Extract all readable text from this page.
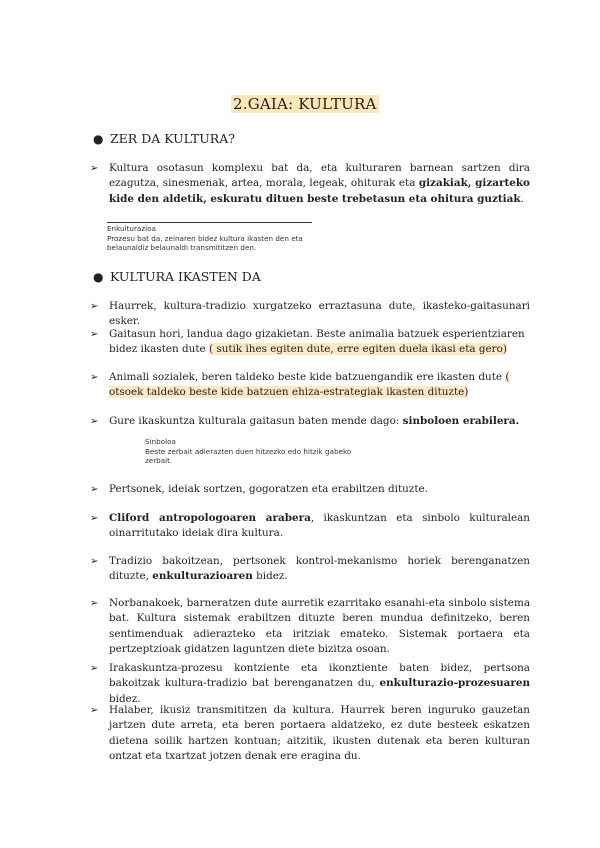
2.GAIA: KULTURA
● ZER DA KULTURA?
➢ Kultura osotasun komplexu bat da, eta kulturaren barnean sartzen dira ezagutza, sinesmenak, artea, morala, legeak, ohiturak eta gizakiak, gizarteko kide den aldetik, eskuratu dituen beste trebetasun eta ohitura guztiak.
Enkulturazioa
Prozesu bat da, zeinaren bidez kultura ikasten den eta
belaunaldiz belaunaldi transmititzen den.
● KULTURA IKASTEN DA
➢ Haurrek, kultura-tradizio xurgatzeko erraztasuna dute, ikasteko-gaitasunari esker.
➢ Gaitasun hori, landua dago gizakietan. Beste animalia batzuek esperientziaren bidez ikasten dute ( sutik ihes egiten dute, erre egiten duela ikasi eta gero)
➢ Animali sozialek, beren taldeko beste kide batzuengandik ere ikasten dute ( otsoek taldeko beste kide batzuen ehiza-estrategiak ikasten dituzte)
➢ Gure ikaskuntza kulturala gaitasun baten mende dago: sinboloen erabilera.
Sinboloa
Beste zerbait adierazten duen hitzezko edo hitzik gabeko
zerbait.
➢ Pertsonek, ideiak sortzen, gogoratzen eta erabiltzen dituzte.
➢ Cliford antropologoaren arabera, ikaskuntzan eta sinbolo kulturalean oinarritutako ideiak dira kultura.
➢ Tradizio bakoitzean, pertsonek kontrol-mekanismo horiek berenganatzen dituzte, enkulturazioaren bidez.
➢ Norbanakoek, barneratzen dute aurretik ezarritako esanahi-eta sinbolo sistema bat. Kultura sistemak erabiltzen dituzte beren mundua definitzeko, beren sentimenduak adierazteko eta iritziak emateko. Sistemak portaera eta pertzeptzioak gidatzen laguntzen diete bizitza osoan.
➢ Irakaskuntza-prozesu kontziente eta ikonztiente baten bidez, pertsona bakoitzak kultura-tradizio bat berenganatzen du, enkulturazio-prozesuaren bidez.
➢ Halaber, ikusiz transmititzen da kultura. Haurrek beren inguruko gauzetan jartzen dute arreta, eta beren portaera aldatzeko, ez dute besteek eskatzen dietena soilik hartzen kontuan; aitzitik, ikusten dutenak eta beren kulturan ontzat eta txartzat jotzen denak ere eragina du.
